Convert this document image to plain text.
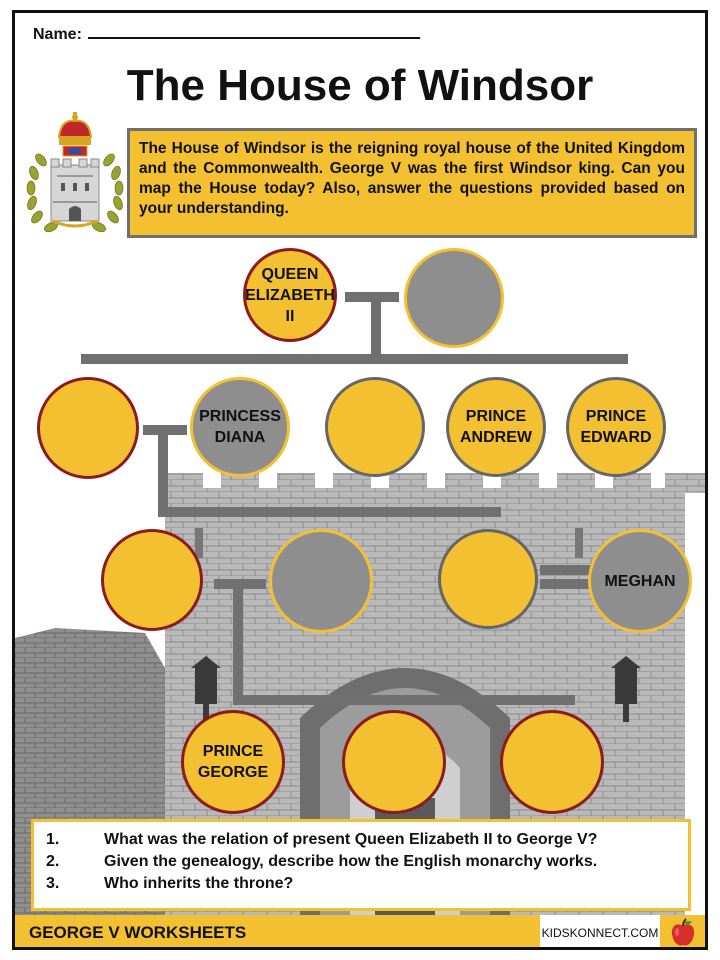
Name:
The House of Windsor
The House of Windsor is the reigning royal house of the United Kingdom and the Commonwealth. George V was the first Windsor king. Can you map the House today? Also, answer the questions provided based on your understanding.
QUEEN ELIZABETH II
PRINCESS DIANA
PRINCE ANDREW
PRINCE EDWARD
MEGHAN
PRINCE GEORGE
1.	What was the relation of present Queen Elizabeth II to George V?
2.	Given the genealogy, describe how the English monarchy works.
3.	Who inherits the throne?
GEORGE V WORKSHEETS	KIDSKONNECT.COM
